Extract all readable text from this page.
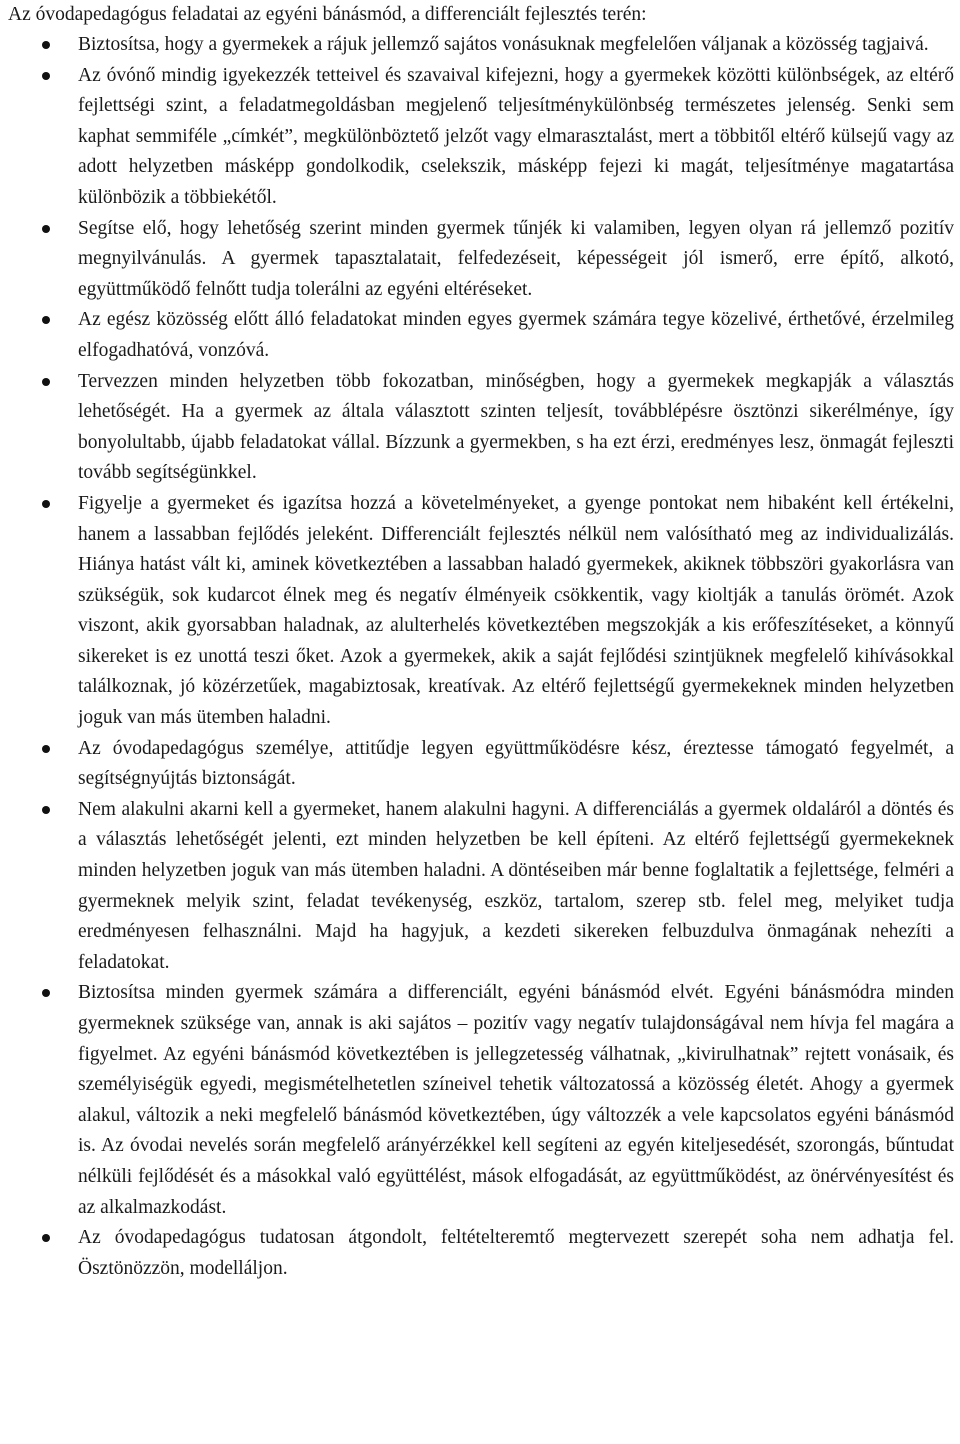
Az óvodapedagógus feladatai az egyéni bánásmód, a differenciált fejlesztés terén:
Biztosítsa, hogy a gyermekek a rájuk jellemző sajátos vonásuknak megfelelően váljanak a közösség tagjaivá.
Az óvónő mindig igyekezzék tetteivel és szavaival kifejezni, hogy a gyermekek közötti különbségek, az eltérő fejlettségi szint, a feladatmegoldásban megjelenő teljesítménykülönbség természetes jelenség. Senki sem kaphat semmiféle „címkét”, megkülönböztető jelzőt vagy elmarasztalást, mert a többitől eltérő külsejű vagy az adott helyzetben másképp gondolkodik, cselekszik, másképp fejezi ki magát, teljesítménye magatartása különbözik a többiekétől.
Segítse elő, hogy lehetőség szerint minden gyermek tűnjék ki valamiben, legyen olyan rá jellemző pozitív megnyilvánulás. A gyermek tapasztalatait, felfedezéseit, képességeit jól ismerő, erre építő, alkotó, együttműködő felnőtt tudja tolerálni az egyéni eltéréseket.
Az egész közösség előtt álló feladatokat minden egyes gyermek számára tegye közelivé, érthetővé, érzelmileg elfogadhatóvá, vonzóvá.
Tervezzen minden helyzetben több fokozatban, minőségben, hogy a gyermekek megkapják a választás lehetőségét. Ha a gyermek az általa választott szinten teljesít, továbblépésre ösztönzi sikerélménye, így bonyolultabb, újabb feladatokat vállal. Bízzunk a gyermekben, s ha ezt érzi, eredményes lesz, önmagát fejleszti tovább segítségünkkel.
Figyelje a gyermeket és igazítsa hozzá a követelményeket, a gyenge pontokat nem hibaként kell értékelni, hanem a lassabban fejlődés jeleként. Differenciált fejlesztés nélkül nem valósítható meg az individualizálás. Hiánya hatást vált ki, aminek következtében a lassabban haladó gyermekek, akiknek többszöri gyakorlásra van szükségük, sok kudarcot élnek meg és negatív élményeik csökkentik, vagy kioltják a tanulás örömét. Azok viszont, akik gyorsabban haladnak, az alulterhelés következtében megszokják a kis erőfeszítéseket, a könnyű sikereket is ez unottá teszi őket. Azok a gyermekek, akik a saját fejlődési szintjüknek megfelelő kihívásokkal találkoznak, jó közérzetűek, magabiztosak, kreatívak. Az eltérő fejlettségű gyermekeknek minden helyzetben joguk van más ütemben haladni.
Az óvodapedagógus személye, attitűdje legyen együttműködésre kész, éreztesse támogató fegyelmét, a segítségnyújtás biztonságát.
Nem alakulni akarni kell a gyermeket, hanem alakulni hagyni. A differenciálás a gyermek oldaláról a döntés és a választás lehetőségét jelenti, ezt minden helyzetben be kell építeni. Az eltérő fejlettségű gyermekeknek minden helyzetben joguk van más ütemben haladni. A döntéseiben már benne foglaltatik a fejlettsége, felméri a gyermeknek melyik szint, feladat tevékenység, eszköz, tartalom, szerep stb. felel meg, melyiket tudja eredményesen felhasználni. Majd ha hagyjuk, a kezdeti sikereken felbuzdulva önmagának nehezíti a feladatokat.
Biztosítsa minden gyermek számára a differenciált, egyéni bánásmód elvét. Egyéni bánásmódra minden gyermeknek szüksége van, annak is aki sajátos – pozitív vagy negatív tulajdonságával nem hívja fel magára a figyelmet. Az egyéni bánásmód következtében is jellegzetesség válhatnak, „kivirulhatnak” rejtett vonásaik, és személyiségük egyedi, megismételhetetlen színeivel tehetik változatossá a közösség életét. Ahogy a gyermek alakul, változik a neki megfelelő bánásmód következtében, úgy változzék a vele kapcsolatos egyéni bánásmód is. Az óvodai nevelés során megfelelő arányérzékkel kell segíteni az egyén kiteljesedését, szorongás, bűntudat nélküli fejlődését és a másokkal való együttélést, mások elfogadását, az együttműködést, az önérvényesítést és az alkalmazkodást.
Az óvodapedagógus tudatosan átgondolt, feltételteremtő megtervezett szerepét soha nem adhatja fel. Ösztönözzön, modelláljon.
